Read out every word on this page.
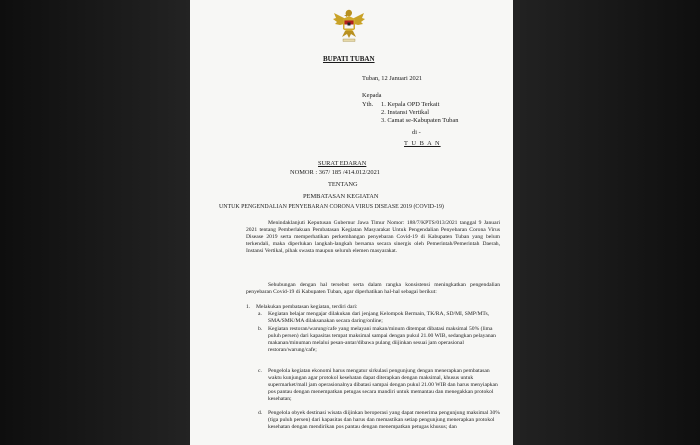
BUPATI TUBAN
Tuban, 12 Januari 2021
Kepada
Yth. 1. Kepala OPD Terkait
2. Instansi Vertikal
3. Camat se-Kabupaten Tuban
di -
T U B A N
SURAT EDARAN
NOMOR : 367/ 185 /414.012/2021
TENTANG
PEMBATASAN KEGIATAN
UNTUK PENGENDALIAN PENYEBARAN CORONA VIRUS DISEASE 2019 (COVID-19)
Menindaklanjuti Keputusan Gubernur Jawa Timur Nomor: 188/7/KPTS/013/2021 tanggal 9 Januari 2021 tentang Pemberlakuan Pembatasan Kegiatan Masyarakat Untuk Pengendalian Penyebaran Corona Virus Disease 2019 serta memperhatikan perkembangan penyebaran Covid-19 di Kabupaten Tuban yang belum terkendali, maka diperlukan langkah-langkah bersama secara sinergis oleh Pemerintah/Pemerintah Daerah, Instansi Vertikal, pihak swasta maupun seluruh elemen masyarakat.
Sehubungan dengan hal tersebut serta dalam rangka konsistensi meningkatkan pengendalian penyebaran Covid-19 di Kabupaten Tuban, agar diperhatikan hal-hal sebagai berikut:
1. Melakukan pembatasan kegiatan, terdiri dari:
a. Kegiatan belajar mengajar dilakukan dari jenjang Kelompok Bermain, TK/RA, SD/MI, SMP/MTs, SMA/SMK/MA dilaksanakan secara daring/online;
b. Kegiatan restoran/warung/cafe yang melayani makan/minum ditempat dibatasi maksimal 50% (lima puluh persen) dari kapasitas tempat maksimal sampai dengan pukul 21.00 WIB, sedangkan pelayanan makanan/minuman melalui pesan-antar/dibawa pulang diijinkan sesuai jam operasional restoran/warung/cafe;
c. Pengelola kegiatan ekonomi harus mengatur sirkulasi pengunjung dengan menerapkan pembatasan waktu kunjungan agar protokol kesehatan dapat diterapkan dengan maksimal, khusus untuk supermarket/mall jam operasionalnya dibatasi sampai dengan pukul 21.00 WIB dan harus menyiapkan pos pantau dengan menempatkan petugas secara mandiri untuk memantau dan menegakkan protokol kesehatan;
d. Pengelola obyek destinasi wisata diijinkan beroperasi yang dapat menerima pengunjung maksimal 30% (tiga puluh persen) dari kapasitas dan harus dan memastikan setiap pengunjung menerapkan protokol kesehatan dengan mendirikan pos pantau dengan menempatkan petugas khusus; dan
